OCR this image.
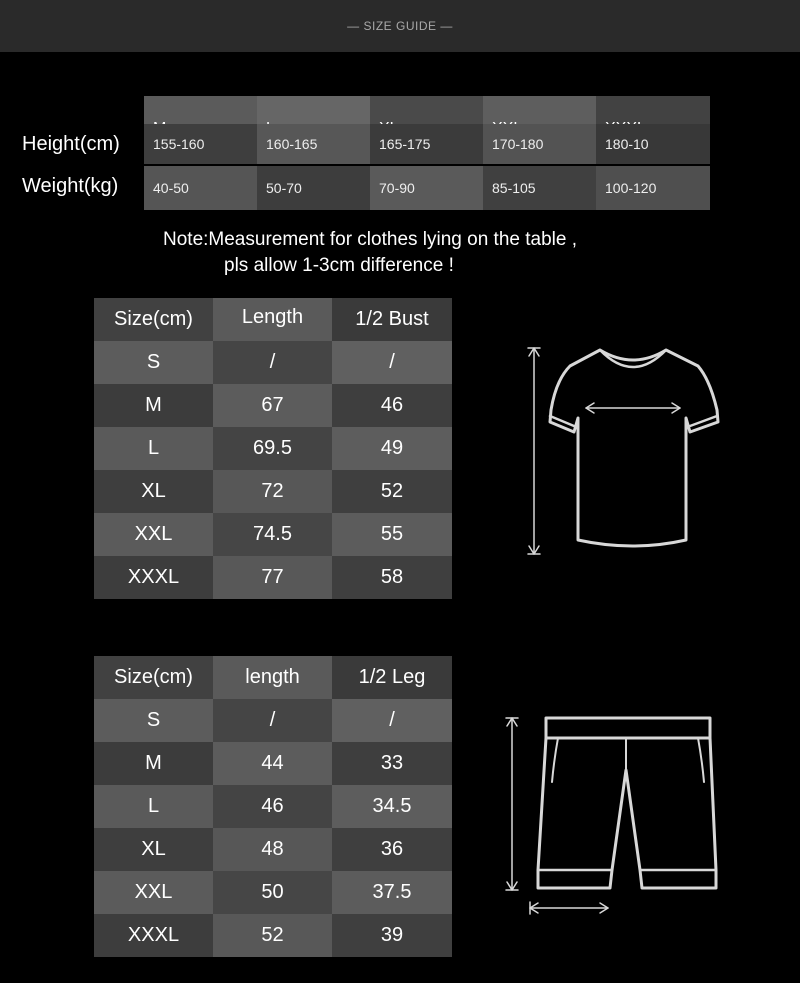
— SIZE GUIDE —
Height(cm)	155-160	160-165	165-175	170-180	180-10
Weight(kg)	40-50	50-70	70-90	85-105	100-120
Note:Measurement for clothes lying on the table ,
pls allow 1-3cm difference !
Size(cm)	Length	1/2 Bust
S	/	/
M	67	46
L	69.5	49
XL	72	52
XXL	74.5	55
XXXL	77	58
Size(cm)	length	1/2 Leg
S	/	/
M	44	33
L	46	34.5
XL	48	36
XXL	50	37.5
XXXL	52	39
